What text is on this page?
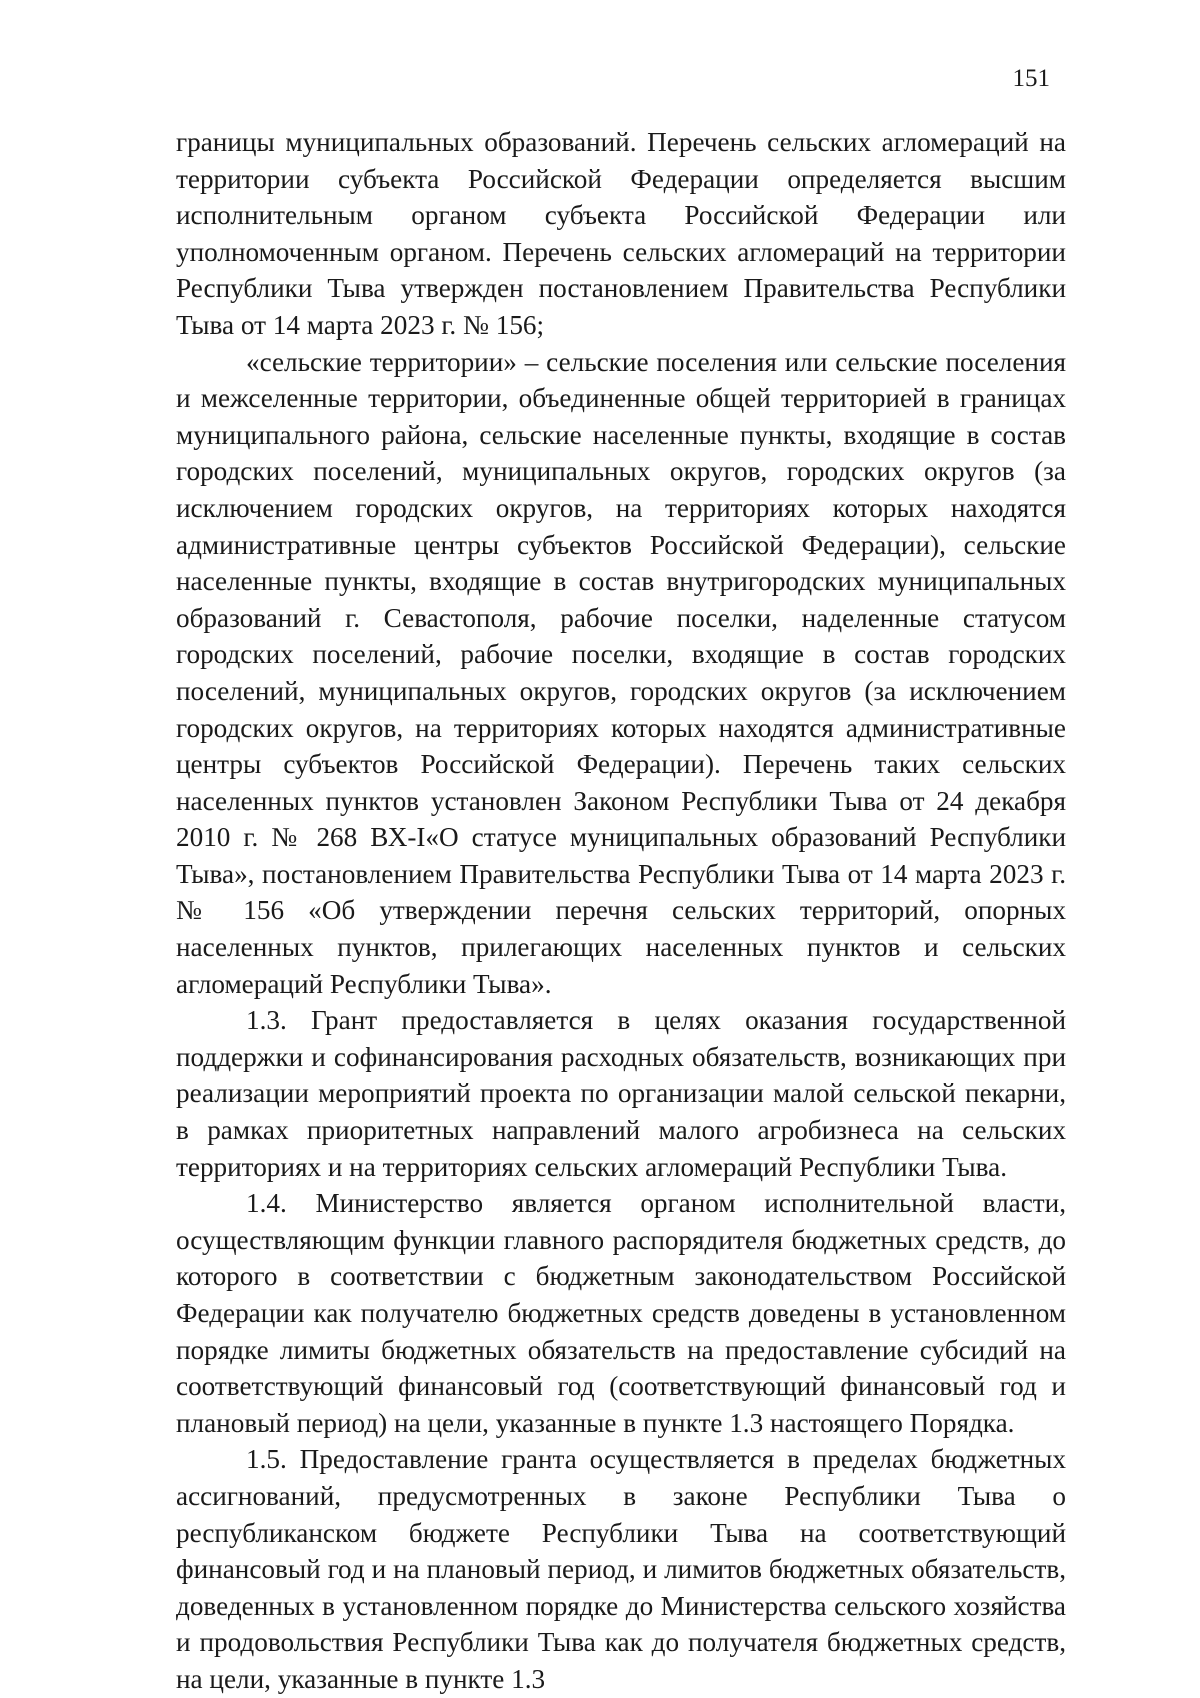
151

границы муниципальных образований. Перечень сельских агломераций на территории субъекта Российской Федерации определяется высшим исполнительным органом субъекта Российской Федерации или уполномоченным органом. Перечень сельских агломераций на территории Республики Тыва утвержден постановлением Правительства Республики Тыва от 14 марта 2023 г. № 156;

«сельские территории» – сельские поселения или сельские поселения и межселенные территории, объединенные общей территорией в границах муниципального района, сельские населенные пункты, входящие в состав городских поселений, муниципальных округов, городских округов (за исключением городских округов, на территориях которых находятся административные центры субъектов Российской Федерации), сельские населенные пункты, входящие в состав внутригородских муниципальных образований г. Севастополя, рабочие поселки, наделенные статусом городских поселений, рабочие поселки, входящие в состав городских поселений, муниципальных округов, городских округов (за исключением городских округов, на территориях которых находятся административные центры субъектов Российской Федерации). Перечень таких сельских населенных пунктов установлен Законом Республики Тыва от 24 декабря 2010 г. № 268 ВХ-I«О статусе муниципальных образований Республики Тыва», постановлением Правительства Республики Тыва от 14 марта 2023 г. № 156 «Об утверждении перечня сельских территорий, опорных населенных пунктов, прилегающих населенных пунктов и сельских агломераций Республики Тыва».

1.3. Грант предоставляется в целях оказания государственной поддержки и софинансирования расходных обязательств, возникающих при реализации мероприятий проекта по организации малой сельской пекарни, в рамках приоритетных направлений малого агробизнеса на сельских территориях и на территориях сельских агломераций Республики Тыва.

1.4. Министерство является органом исполнительной власти, осуществляющим функции главного распорядителя бюджетных средств, до которого в соответствии с бюджетным законодательством Российской Федерации как получателю бюджетных средств доведены в установленном порядке лимиты бюджетных обязательств на предоставление субсидий на соответствующий финансовый год (соответствующий финансовый год и плановый период) на цели, указанные в пункте 1.3 настоящего Порядка.

1.5. Предоставление гранта осуществляется в пределах бюджетных ассигнований, предусмотренных в законе Республики Тыва о республиканском бюджете Республики Тыва на соответствующий финансовый год и на плановый период, и лимитов бюджетных обязательств, доведенных в установленном порядке до Министерства сельского хозяйства и продовольствия Республики Тыва как до получателя бюджетных средств, на цели, указанные в пункте 1.3
